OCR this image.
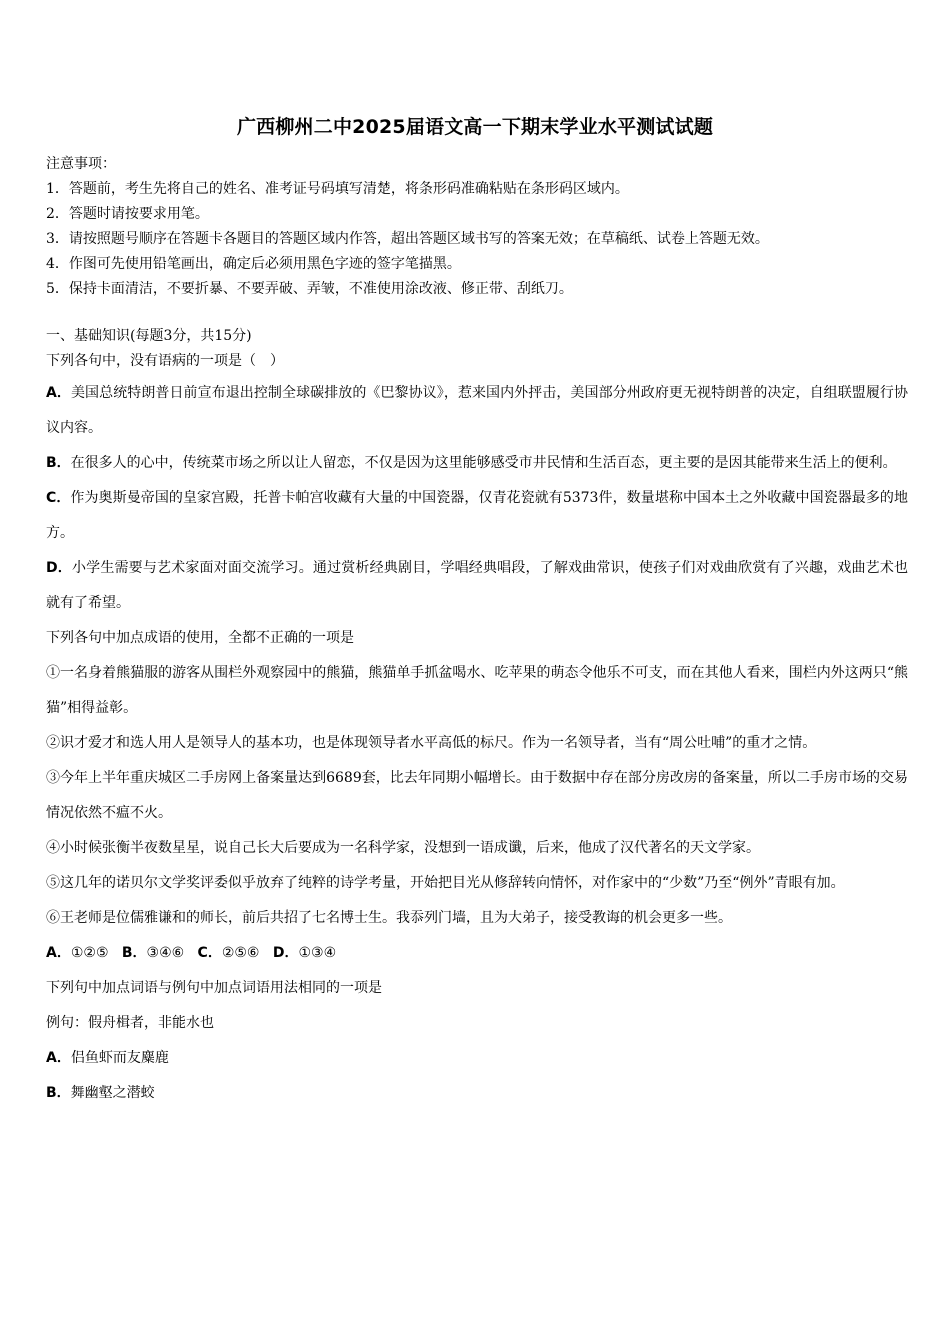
广西柳州二中2025届语文高一下期末学业水平测试试题
注意事项：
1．答题前，考生先将自己的姓名、准考证号码填写清楚，将条形码准确粘贴在条形码区域内。
2．答题时请按要求用笔。
3．请按照题号顺序在答题卡各题目的答题区域内作答，超出答题区域书写的答案无效；在草稿纸、试卷上答题无效。
4．作图可先使用铅笔画出，确定后必须用黑色字迹的签字笔描黑。
5．保持卡面清洁，不要折暴、不要弄破、弄皱，不准使用涂改液、修正带、刮纸刀。
一、基础知识(每题3分，共15分)
下列各句中，没有语病的一项是（　）

A．美国总统特朗普日前宣布退出控制全球碳排放的《巴黎协议》，惹来国内外抨击，美国部分州政府更无视特朗普的决定，自组联盟履行协议内容。

B．在很多人的心中，传统菜市场之所以让人留恋，不仅是因为这里能够感受市井民情和生活百态，更主要的是因其能带来生活上的便利。

C．作为奥斯曼帝国的皇家宫殿，托普卡帕宫收藏有大量的中国瓷器，仅青花瓷就有5373件，数量堪称中国本土之外收藏中国瓷器最多的地方。

D．小学生需要与艺术家面对面交流学习。通过赏析经典剧目，学唱经典唱段，了解戏曲常识，使孩子们对戏曲欣赏有了兴趣，戏曲艺术也就有了希望。

下列各句中加点成语的使用，全都不正确的一项是

①一名身着熊猫服的游客从围栏外观察园中的熊猫，熊猫单手抓盆喝水、吃苹果的萌态令他乐不可支，而在其他人看来，围栏内外这两只“熊猫”相得益彰。

②识才爱才和选人用人是领导人的基本功，也是体现领导者水平高低的标尺。作为一名领导者，当有“周公吐哺”的重才之情。

③今年上半年重庆城区二手房网上备案量达到6689套，比去年同期小幅增长。由于数据中存在部分房改房的备案量，所以二手房市场的交易情况依然不瘟不火。

④小时候张衡半夜数星星，说自己长大后要成为一名科学家，没想到一语成谶，后来，他成了汉代著名的天文学家。

⑤这几年的诺贝尔文学奖评委似乎放弃了纯粹的诗学考量，开始把目光从修辞转向情怀，对作家中的“少数”乃至“例外”青眼有加。

⑥王老师是位儒雅谦和的师长，前后共招了七名博士生。我忝列门墙，且为大弟子，接受教诲的机会更多一些。

A．①②⑤ B．③④⑥ C．②⑤⑥ D．①③④

下列句中加点词语与例句中加点词语用法相同的一项是

例句：假舟楫者，非能水也

A．侣鱼虾而友麋鹿

B．舞幽壑之潜蛟
